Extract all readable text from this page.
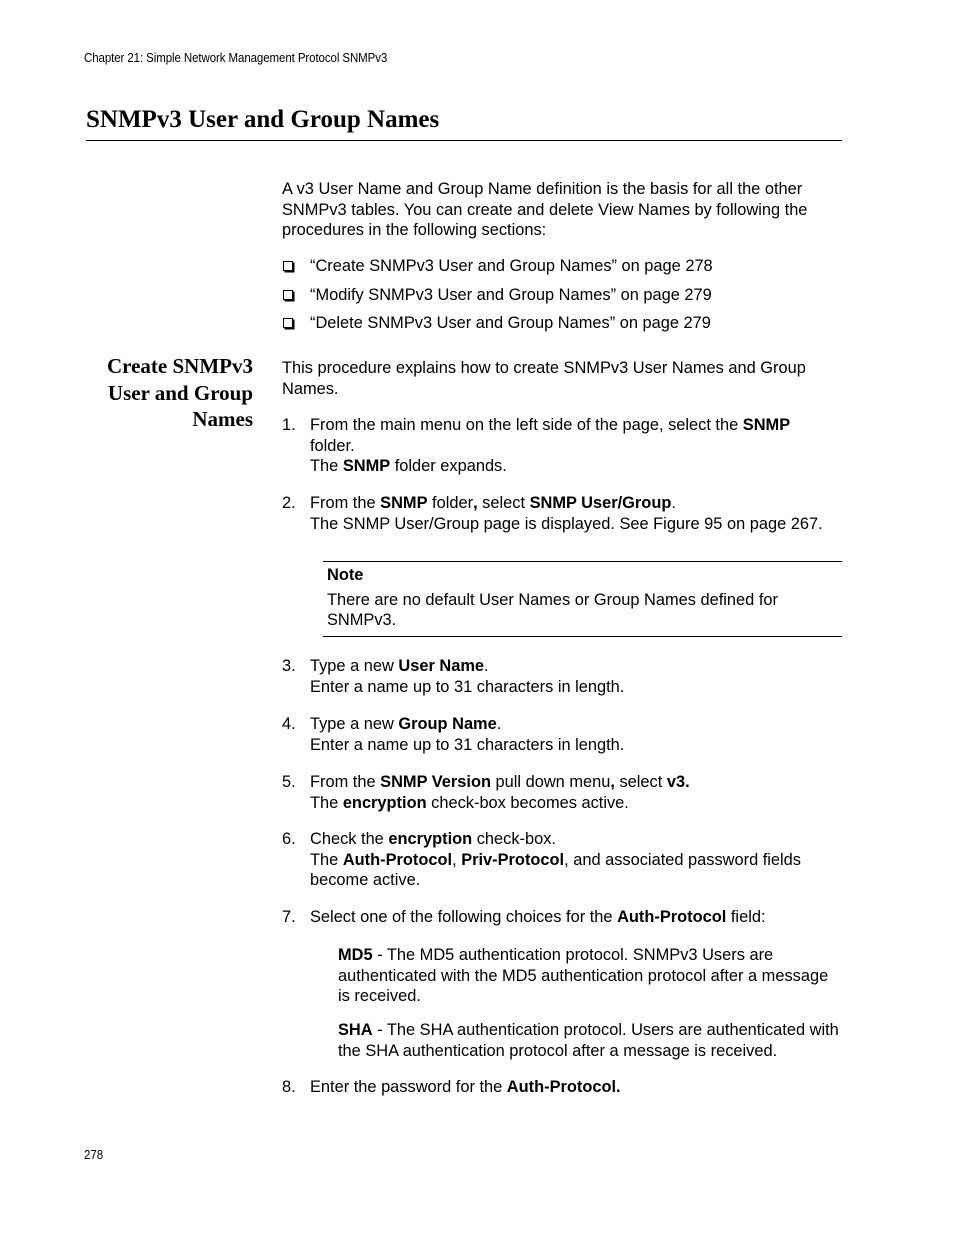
Chapter 21: Simple Network Management Protocol SNMPv3
SNMPv3 User and Group Names
A v3 User Name and Group Name definition is the basis for all the other SNMPv3 tables. You can create and delete View Names by following the procedures in the following sections:
“Create SNMPv3 User and Group Names” on page 278
“Modify SNMPv3 User and Group Names” on page 279
“Delete SNMPv3 User and Group Names” on page 279
Create SNMPv3 User and Group Names
This procedure explains how to create SNMPv3 User Names and Group Names.
1. From the main menu on the left side of the page, select the SNMP
folder.
The SNMP folder expands.
2. From the SNMP folder, select SNMP User/Group.
The SNMP User/Group page is displayed. See Figure 95 on page 267.
Note
There are no default User Names or Group Names defined for SNMPv3.
3. Type a new User Name.
Enter a name up to 31 characters in length.
4. Type a new Group Name.
Enter a name up to 31 characters in length.
5. From the SNMP Version pull down menu, select v3.
The encryption check-box becomes active.
6. Check the encryption check-box.
The Auth-Protocol, Priv-Protocol, and associated password fields become active.
7. Select one of the following choices for the Auth-Protocol field:
MD5 - The MD5 authentication protocol. SNMPv3 Users are authenticated with the MD5 authentication protocol after a message is received.
SHA - The SHA authentication protocol. Users are authenticated with the SHA authentication protocol after a message is received.
8. Enter the password for the Auth-Protocol.
278
